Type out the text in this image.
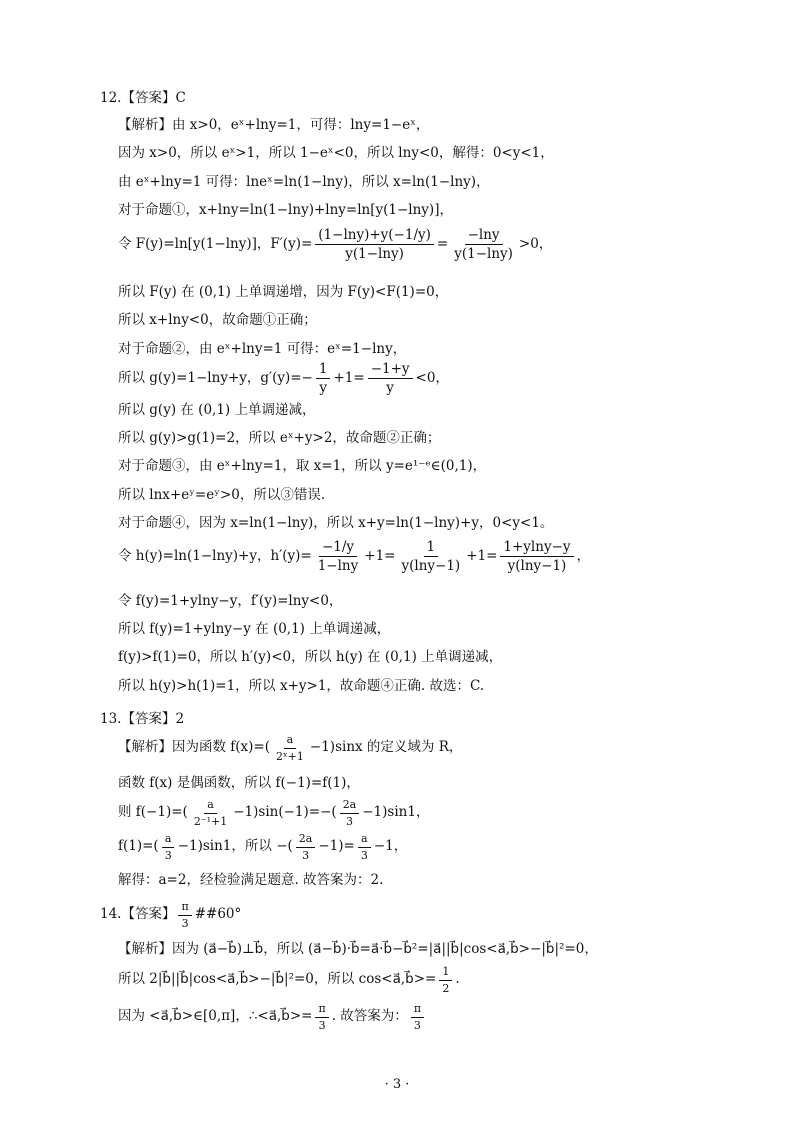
12.【答案】C
【解析】由 x>0，eˣ+lny=1，可得：lny=1−eˣ，
因为 x>0，所以 eˣ>1，所以 1−eˣ<0，所以 lny<0，解得：0<y<1，
由 eˣ+lny=1 可得：lneˣ=ln(1−lny)，所以 x=ln(1−lny)，
对于命题①，x+lny=ln(1−lny)+lny=ln[y(1−lny)]，
令 F(y)=ln[y(1−lny)]，$F'(y)= \frac{(1-\ln y)+y(-1/y)}{y(1-\ln y)} = \frac{-\ln y}{y(1-\ln y)} >0$，
所以 F(y) 在 (0,1) 上单调递增，因为 F(y)<F(1)=0，
所以 x+lny<0，故命题①正确；
对于命题②，由 eˣ+lny=1 可得：eˣ=1−lny，
所以 g(y)=1−lny+y，$g'(y)=- \frac{1}{y} +1= \frac{-1+y}{y} <0$，
所以 g(y) 在 (0,1) 上单调递减，
所以 g(y)>g(1)=2，所以 eˣ+y>2，故命题②正确；
对于命题③，由 eˣ+lny=1，取 x=1，所以 y=e¹⁻ᵉ∈(0,1)，
所以 lnx+eʸ=eʸ>0，所以③错误.
对于命题④，因为 x=ln(1−lny)，所以 x+y=ln(1−lny)+y，0<y<1。
令 h(y)=ln(1−lny)+y，$h'(y)= \frac{-1/y}{1-\ln y} +1= \frac{1}{y(\ln y-1)} +1= \frac{1+ylny-y}{y(\ln y-1)}$ ，
令 f(y)=1+ylny−y，f′(y)=lny<0，
所以 f(y)=1+ylny−y 在 (0,1) 上单调递减，
f(y)>f(1)=0，所以 h′(y)<0，所以 h(y) 在 (0,1) 上单调递减，
所以 h(y)>h(1)=1，所以 x+y>1，故命题④正确. 故选：C.
13.【答案】2
【解析】因为函数 $f(x)=( \frac{a}{\text{2ˣ+1}} -1)\sin x$ 的定义域为 R，
函数 f(x) 是偶函数，所以 f(−1)=f(1)，
则 $f(-1)=( \frac{a}{\text{2⁻¹+1}} -1)\sin(-1)=-( \frac{2a}{3} -1)\sin 1$，
$f(1)=( \frac{a}{3} -1)\sin 1$，所以 −( $\frac{2a}{3} -1)= \frac{a}{3} -1$，
解得：a=2，经检验满足题意. 故答案为：2.
14.【答案】 $\frac{\pi}{3}$ ##60°
【解析】因为 (a⃗−b⃗)⊥b⃗，所以 (a⃗−b⃗)·b⃗=a⃗·b⃗−b⃗²=|a⃗||b⃗|cos<a⃗,b⃗>−|b⃗|²=0，
所以 2|b⃗||b⃗|cos<a⃗,b⃗>−|b⃗|²=0，所以 cos<a⃗,b⃗>= $\frac{1}{2}$ .
因为 <a⃗,b⃗>∈[0,π]，∴<a⃗,b⃗>= $\frac{\pi}{3}$ . 故答案为： $\frac{\pi}{3}$
· 3 ·
